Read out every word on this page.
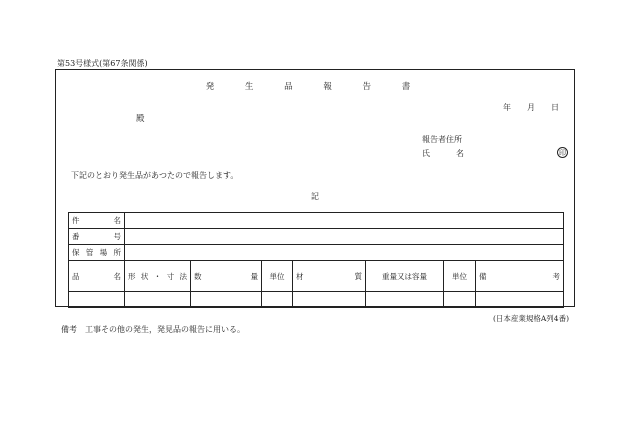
第53号様式(第67条関係)
発 生 品 報 告 書
年 月 日
殿
報告者住所
氏	名	印
下記のとおり発生品があつたので報告します。
記
件名							
番号							
保管場所							
品名	形状・寸法	数量	単位	材質	重量又は容量	単位	備考

(日本産業規格A列4番)
備考　工事その他の発生，発見品の報告に用いる。
